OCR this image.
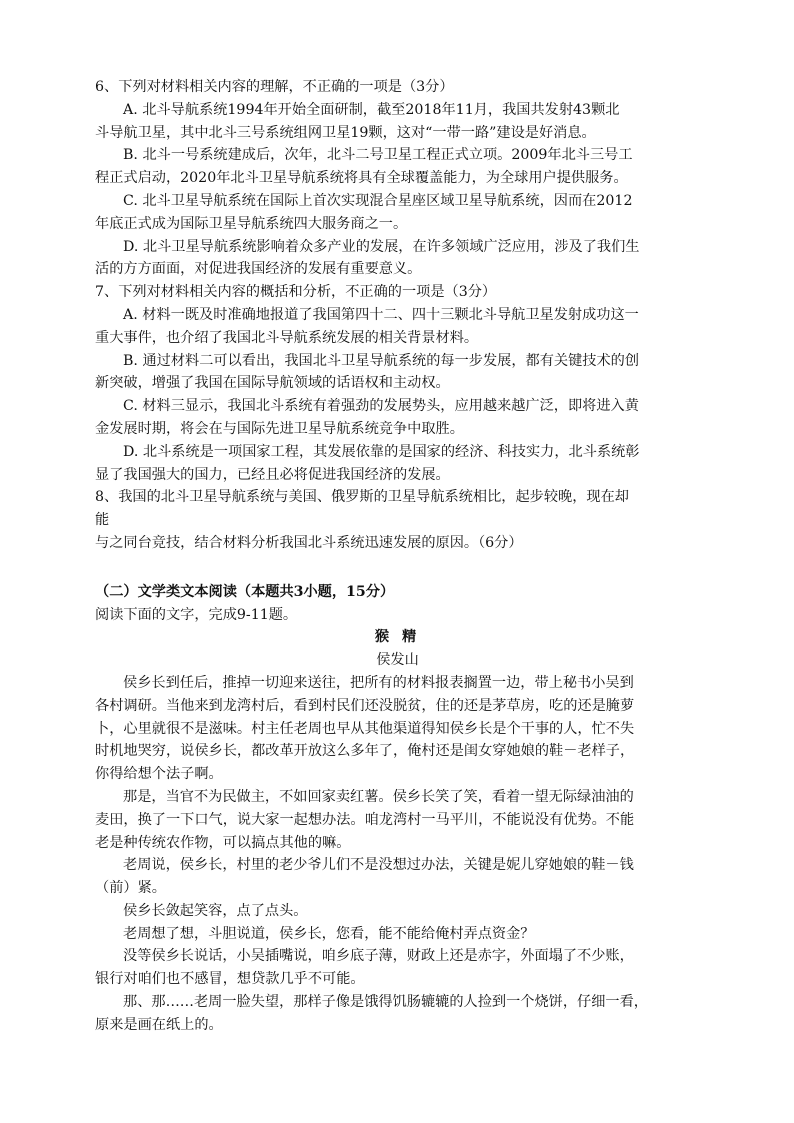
6、下列对材料相关内容的理解，不正确的一项是（3分）
A. 北斗导航系统1994年开始全面研制，截至2018年11月，我国共发射43颗北
斗导航卫星，其中北斗三号系统组网卫星19颗，这对“一带一路”建设是好消息。
B. 北斗一号系统建成后，次年，北斗二号卫星工程正式立项。2009年北斗三号工
程正式启动，2020年北斗卫星导航系统将具有全球覆盖能力，为全球用户提供服务。
C. 北斗卫星导航系统在国际上首次实现混合星座区域卫星导航系统，因而在2012
年底正式成为国际卫星导航系统四大服务商之一。
D. 北斗卫星导航系统影响着众多产业的发展，在许多领域广泛应用，涉及了我们生
活的方方面面，对促进我国经济的发展有重要意义。
7、下列对材料相关内容的概括和分析，不正确的一项是（3分）
A. 材料一既及时准确地报道了我国第四十二、四十三颗北斗导航卫星发射成功这一
重大事件，也介绍了我国北斗导航系统发展的相关背景材料。
B. 通过材料二可以看出，我国北斗卫星导航系统的每一步发展，都有关键技术的创
新突破，增强了我国在国际导航领域的话语权和主动权。
C. 材料三显示，我国北斗系统有着强劲的发展势头，应用越来越广泛，即将进入黄
金发展时期，将会在与国际先进卫星导航系统竞争中取胜。
D. 北斗系统是一项国家工程，其发展依靠的是国家的经济、科技实力，北斗系统彰
显了我国强大的国力，已经且必将促进我国经济的发展。
8、我国的北斗卫星导航系统与美国、俄罗斯的卫星导航系统相比，起步较晚，现在却
能
与之同台竞技，结合材料分析我国北斗系统迅速发展的原因。（6分）
（二）文学类文本阅读（本题共3小题，15分）
阅读下面的文字，完成9-11题。
猴 精
侯发山
侯乡长到任后，推掉一切迎来送往，把所有的材料报表搁置一边，带上秘书小吴到
各村调研。当他来到龙湾村后，看到村民们还没脱贫，住的还是茅草房，吃的还是腌萝
卜，心里就很不是滋味。村主任老周也早从其他渠道得知侯乡长是个干事的人，忙不失
时机地哭穷，说侯乡长，都改革开放这么多年了，俺村还是闺女穿她娘的鞋－老样子，
你得给想个法子啊。
那是，当官不为民做主，不如回家卖红薯。侯乡长笑了笑，看着一望无际绿油油的
麦田，换了一下口气，说大家一起想办法。咱龙湾村一马平川，不能说没有优势。不能
老是种传统农作物，可以搞点其他的嘛。
老周说，侯乡长，村里的老少爷儿们不是没想过办法，关键是妮儿穿她娘的鞋－钱
（前）紧。
侯乡长敛起笑容，点了点头。
老周想了想，斗胆说道，侯乡长，您看，能不能给俺村弄点资金？
没等侯乡长说话，小吴插嘴说，咱乡底子薄，财政上还是赤字，外面塌了不少账，
银行对咱们也不感冒，想贷款几乎不可能。
那、那……老周一脸失望，那样子像是饿得饥肠辘辘的人捡到一个烧饼，仔细一看，
原来是画在纸上的。
